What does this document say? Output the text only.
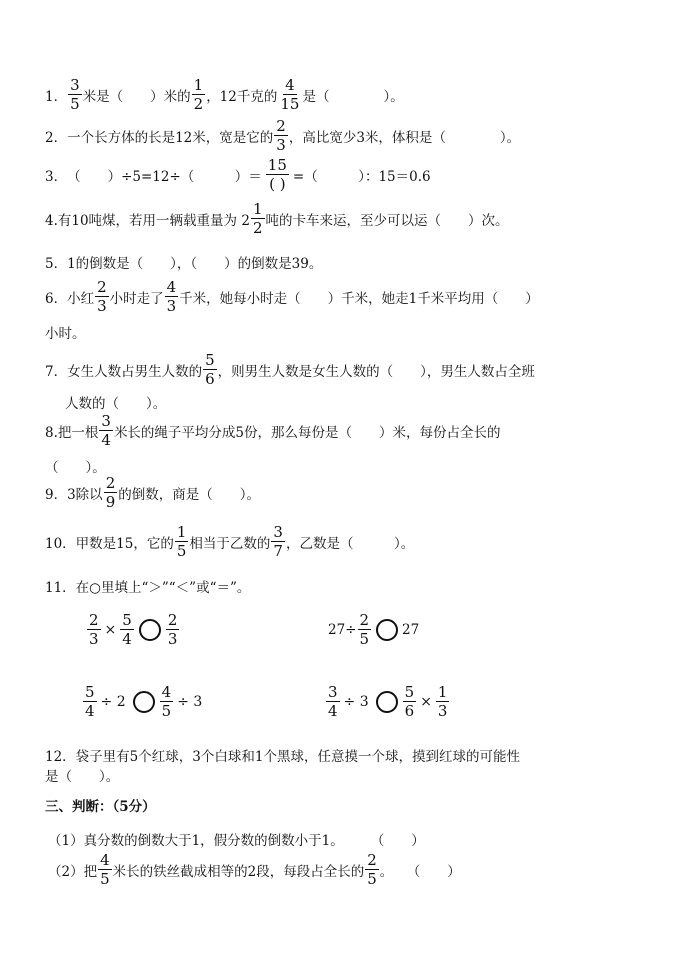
1． $\frac{3}{5}$ 米是（　　）米的 $\frac{1}{2}$ ，12千克的 $\frac{4}{15}$ 是（　　　　）。
2．一个长方体的长是12米，宽是它的 $\frac{2}{3}$ ，高比宽少3米，体积是（　　　　）。
3．　（　　）÷5=12÷（　　　）＝
15
( ) =（　　　）：15＝0.6
4.有10吨煤，若用一辆载重量为 $2 \frac{1}{2}$ 吨的卡车来运，至少可以运（　　）次。
5．1的倒数是（　　），（　　）的倒数是39。
6．小红 $\frac{2}{3}$ 小时走了 $\frac{4}{3}$ 千米，她每小时走（　　）千米，她走1千米平均用（　　）
小时。
7．女生人数占男生人数的 $\frac{5}{6}$ ，则男生人数是女生人数的（　　），男生人数占全班
人数的（　　）。
8.把一根 $\frac{3}{4}$ 米长的绳子平均分成5份，那么每份是（　　）米，每份占全长的
（　　）。
9．3除以 $\frac{2}{9}$ 的倒数，商是（　　）。
10．甲数是15，它的 $\frac{1}{5}$ 相当于乙数的 $\frac{3}{7}$ ，乙数是（　　　）。
11．在○里填上“＞”“＜”或“＝”。
$\frac{2}{3} \times \frac{5}{4} \frac{2}{3}$	$27\div \frac{2}{5} 27$
$\frac{5}{4} \div 2 \frac{4}{5} \div 3$	$\frac{3}{4} \div 3 \frac{5}{6} \times \frac{1}{3}$
12．袋子里有5个红球，3个白球和1个黑球，任意摸一个球，摸到红球的可能性
是（　　）。
三、判断：（5分）
（1）真分数的倒数大于1，假分数的倒数小于1。　　　（　　）
（2）把 $\frac{4}{5}$ 米长的铁丝截成相等的2段，每段占全长的 $\frac{2}{5}$ 。　　（　　）
